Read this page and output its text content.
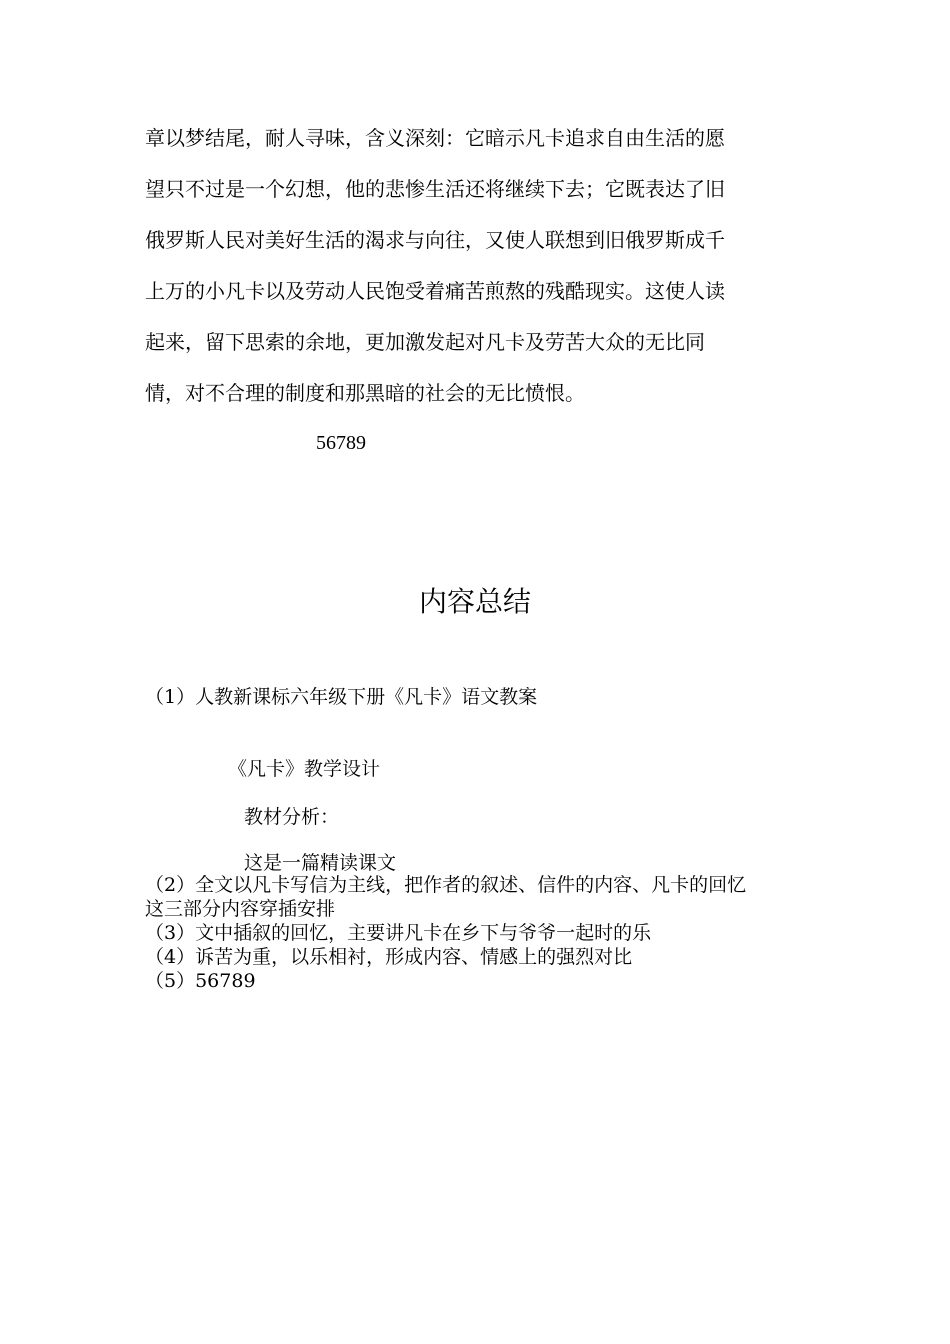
章以梦结尾，耐人寻味，含义深刻：它暗示凡卡追求自由生活的愿
望只不过是一个幻想，他的悲惨生活还将继续下去；它既表达了旧
俄罗斯人民对美好生活的渴求与向往，又使人联想到旧俄罗斯成千
上万的小凡卡以及劳动人民饱受着痛苦煎熬的残酷现实。这使人读
起来，留下思索的余地，更加激发起对凡卡及劳苦大众的无比同
情，对不合理的制度和那黑暗的社会的无比愤恨。
56789
内容总结
（1）人教新课标六年级下册《凡卡》语文教案
《凡卡》教学设计
教材分析：
这是一篇精读课文
（2）全文以凡卡写信为主线，把作者的叙述、信件的内容、凡卡的回忆
这三部分内容穿插安排
（3）文中插叙的回忆，主要讲凡卡在乡下与爷爷一起时的乐
（4）诉苦为重，以乐相衬，形成内容、情感上的强烈对比
（5）56789
